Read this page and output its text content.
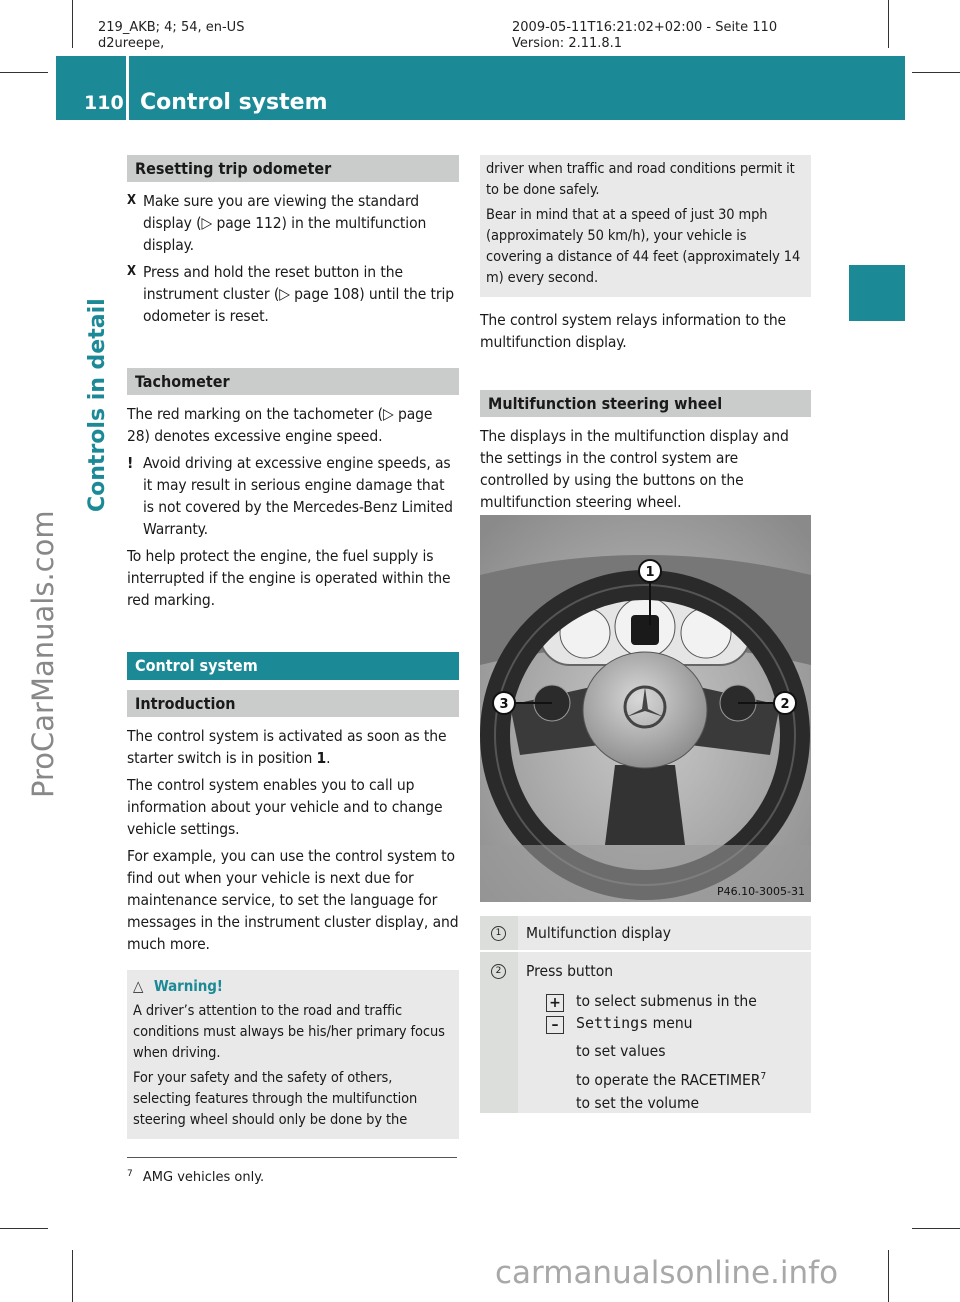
219_AKB; 4; 54, en-US
d2ureepe,
2009-05-11T16:21:02+02:00 - Seite 110
Version: 2.11.8.1
110 Control system
Controls in detail
ProCarManuals.com
Resetting trip odometer

X Make sure you are viewing the standard display (▷ page 112) in the multifunction display.

X Press and hold the reset button in the instrument cluster (▷ page 108) until the trip odometer is reset.

Tachometer

The red marking on the tachometer (▷ page 28) denotes excessive engine speed.

! Avoid driving at excessive engine speeds, as it may result in serious engine damage that is not covered by the Mercedes-Benz Limited Warranty.

To help protect the engine, the fuel supply is interrupted if the engine is operated within the red marking.

Control system
Introduction

The control system is activated as soon as the starter switch is in position 1.

The control system enables you to call up information about your vehicle and to change vehicle settings.

For example, you can use the control system to find out when your vehicle is next due for maintenance service, to set the language for messages in the instrument cluster display, and much more.

△ Warning!

A driver’s attention to the road and traffic conditions must always be his/her primary focus when driving.

For your safety and the safety of others, selecting features through the multifunction steering wheel should only be done by the

driver when traffic and road conditions permit it to be done safely.

Bear in mind that at a speed of just 30 mph (approximately 50 km/h), your vehicle is covering a distance of 44 feet (approximately 14 m) every second.

The control system relays information to the multifunction display.

Multifunction steering wheel

The displays in the multifunction display and the settings in the control system are controlled by using the buttons on the multifunction steering wheel.

1
2
3
P46.10-3005-31
1 Multifunction display
2 Press button
+
–
to select submenus in the Settings menu
to set values
to operate the RACETIMER$^7$
to set the volume
$^7$ AMG vehicles only.
carmanualsonline.info
